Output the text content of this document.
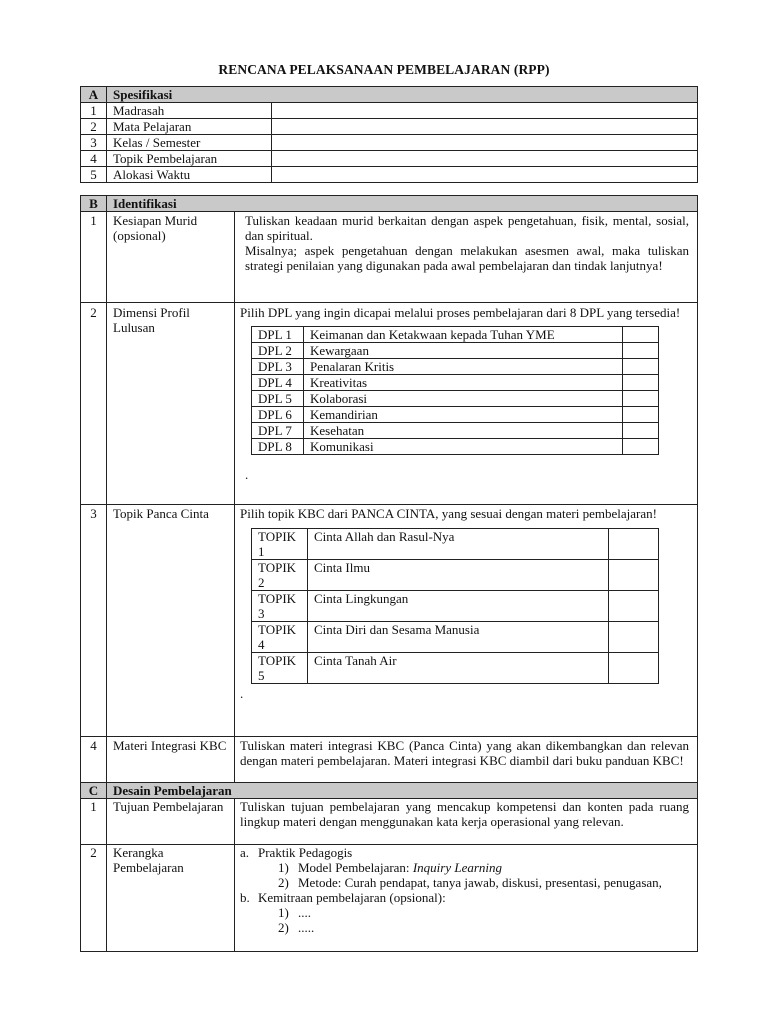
RENCANA PELAKSANAAN PEMBELAJARAN (RPP)
A	Spesifikasi	
1	Madrasah	
2	Mata Pelajaran	
3	Kelas / Semester	
4	Topik Pembelajaran	
5	Alokasi Waktu	
B	Identifikasi
1	Kesiapan Murid (opsional)	

Tuliskan keadaan murid berkaitan dengan aspek pengetahuan, fisik, mental, sosial, dan spiritual.

Misalnya; aspek pengetahuan dengan melakukan asesmen awal, maka tuliskan strategi penilaian yang digunakan pada awal pembelajaran dan tindak lanjutnya!

2	Dimensi Profil Lulusan	

Pilih DPL yang ingin dicapai melalui proses pembelajaran dari 8 DPL yang tersedia!

DPL 1	Keimanan dan Ketakwaan kepada Tuhan YME	
DPL 2	Kewargaan	
DPL 3	Penalaran Kritis	
DPL 4	Kreativitas	
DPL 5	Kolaborasi	
DPL 6	Kemandirian	
DPL 7	Kesehatan	
DPL 8	Komunikasi	

.

3	Topik Panca Cinta	Pilih topik KBC dari PANCA CINTA, yang sesuai dengan materi pembelajaran!

TOPIK 1	Cinta Allah dan Rasul-Nya	
TOPIK 2	Cinta Ilmu	
TOPIK 3	Cinta Lingkungan	
TOPIK 4	Cinta Diri dan Sesama Manusia	
TOPIK 5	Cinta Tanah Air	

.

4	Materi Integrasi KBC	Tuliskan materi integrasi KBC (Panca Cinta) yang akan dikembangkan dan relevan dengan materi pembelajaran. Materi integrasi KBC diambil dari buku panduan KBC!

C	Desain Pembelajaran
1	Tujuan Pembelajaran	Tuliskan tujuan pembelajaran yang mencakup kompetensi dan konten pada ruang lingkup materi dengan menggunakan kata kerja operasional yang relevan.

2	Kerangka Pembelajaran	
a. Praktik Pedagogis
1) Model Pembelajaran: Inquiry Learning
2) Metode: Curah pendapat, tanya jawab, diskusi, presentasi, penugasan,
b. Kemitraan pembelajaran (opsional):
1) ....
2) .....
